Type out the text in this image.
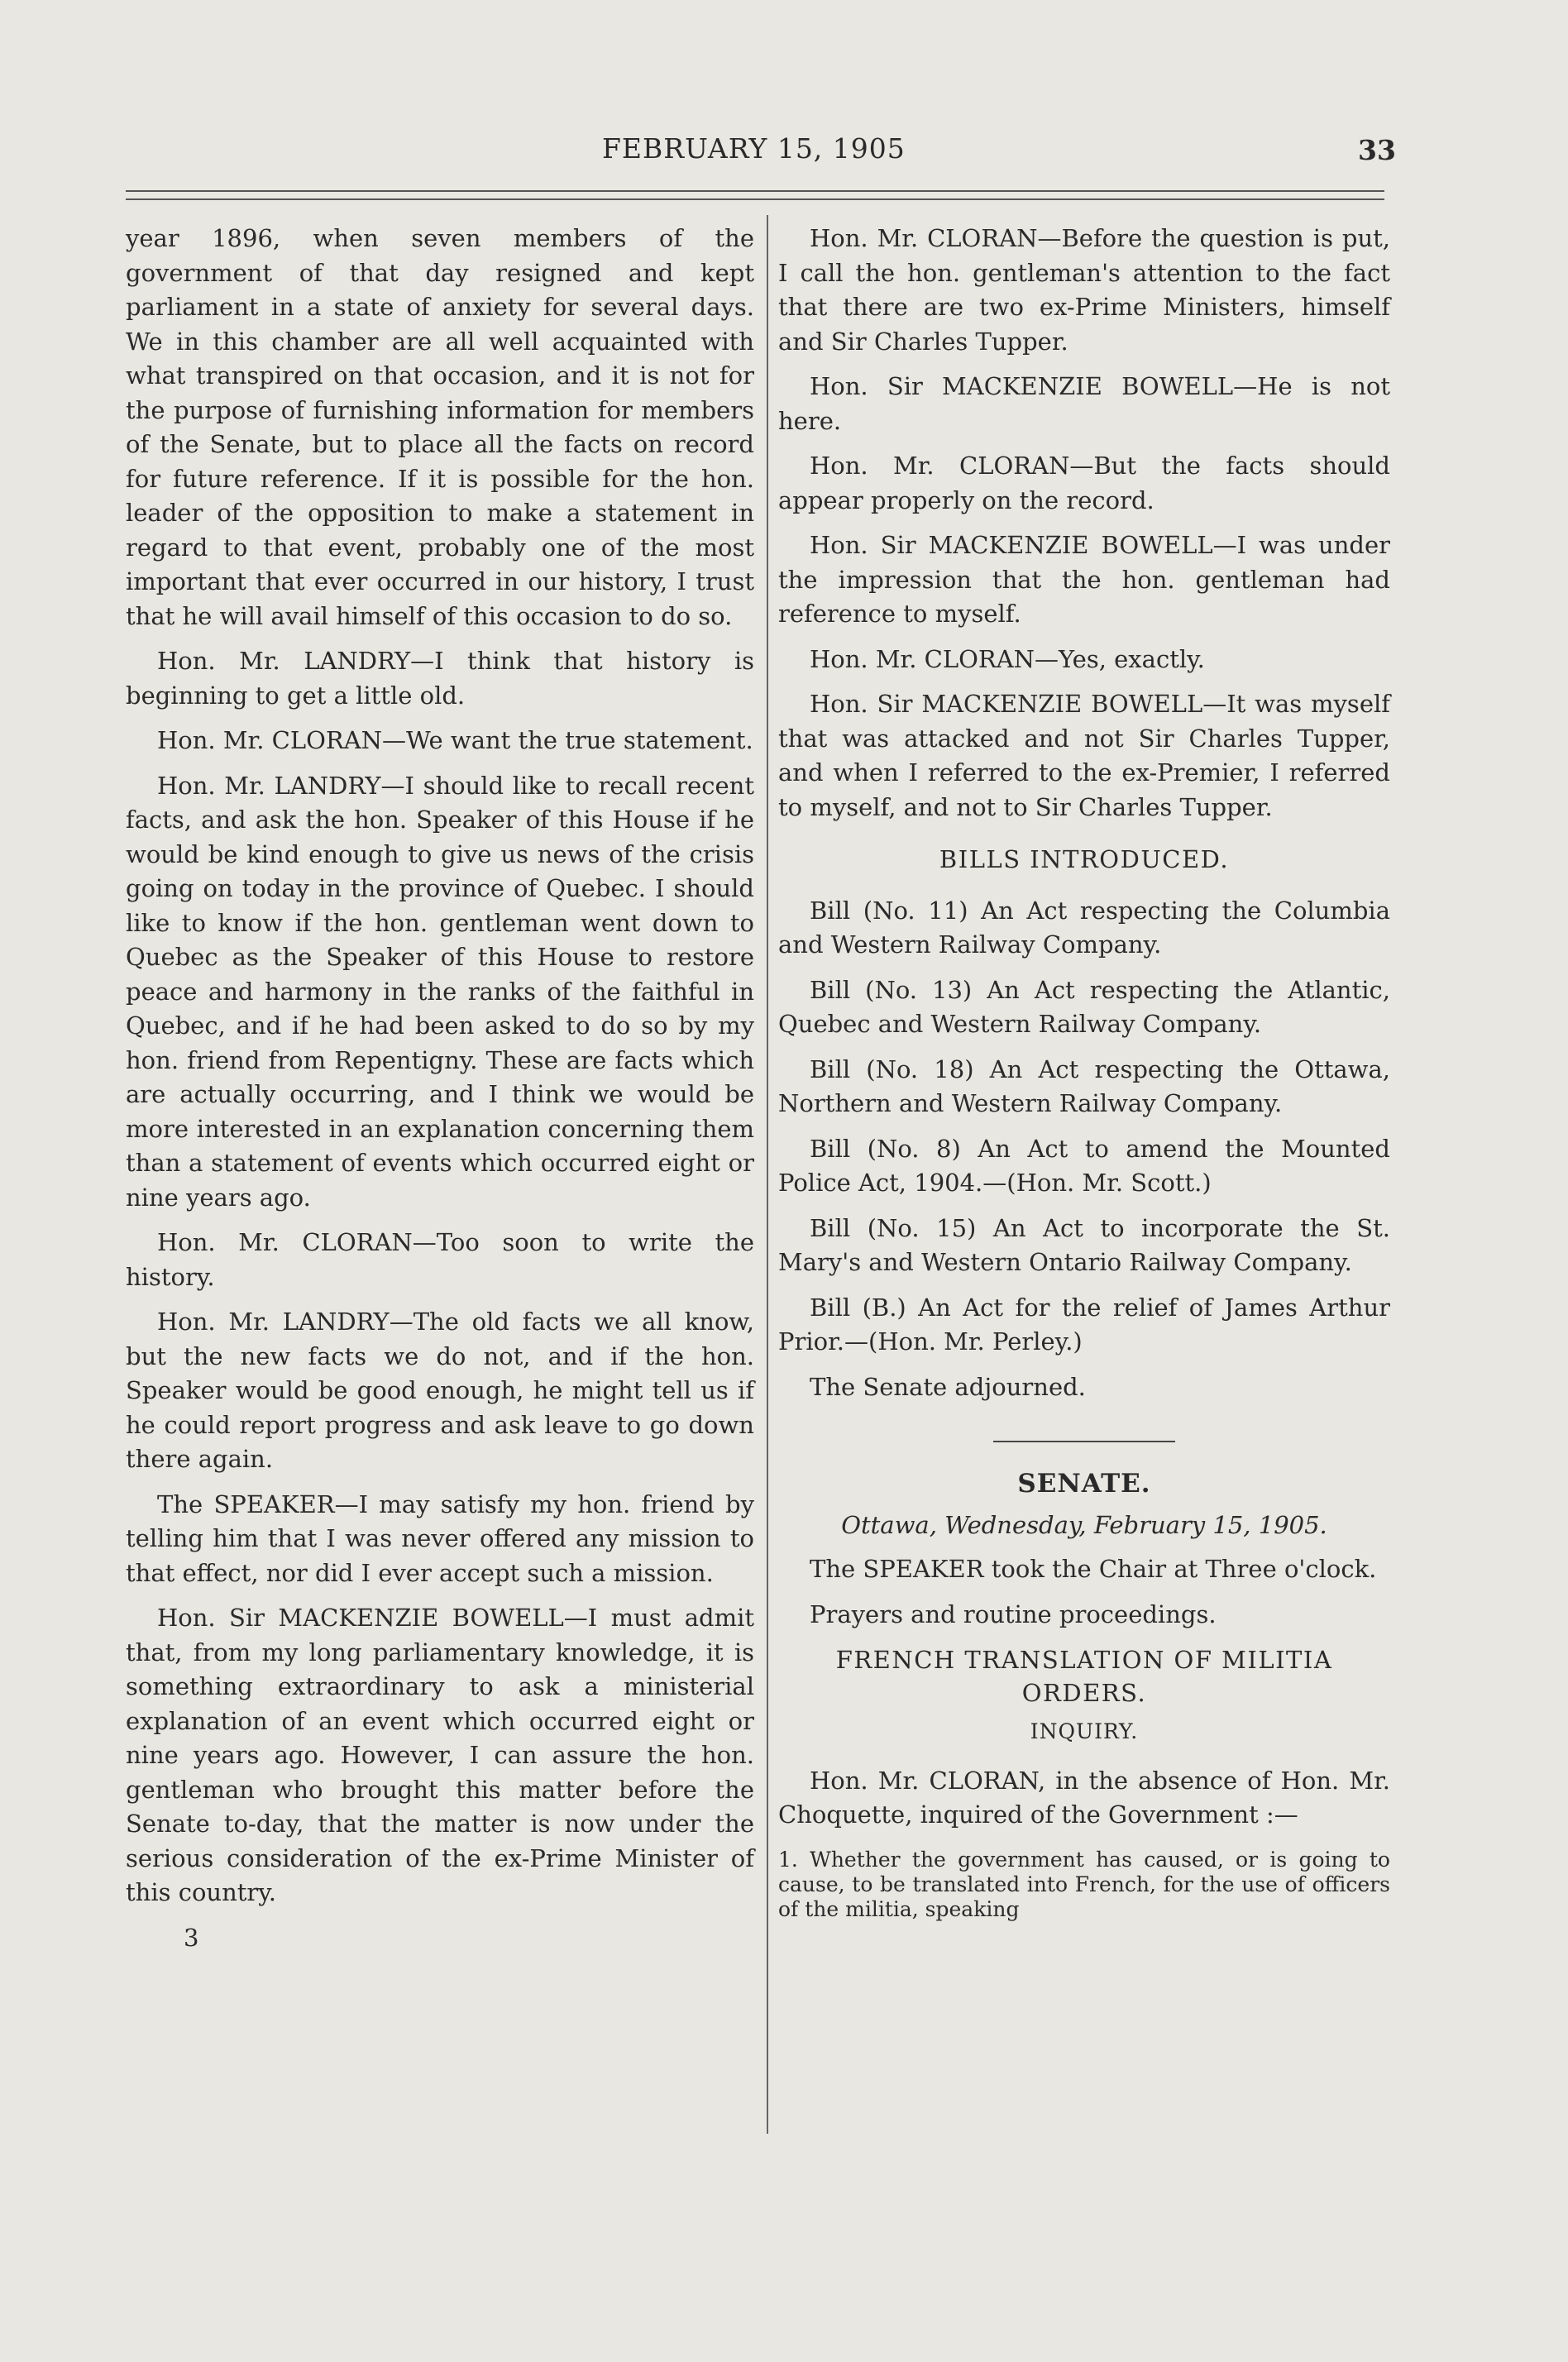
FEBRUARY 15, 1905	33

year 1896, when seven members of the government of that day resigned and kept parliament in a state of anxiety for several days. We in this chamber are all well acquainted with what transpired on that occasion, and it is not for the purpose of furnishing information for members of the Senate, but to place all the facts on record for future reference. If it is possible for the hon. leader of the opposition to make a statement in regard to that event, probably one of the most important that ever occurred in our history, I trust that he will avail himself of this occasion to do so.

Hon. Mr. LANDRY—I think that history is beginning to get a little old.

Hon. Mr. CLORAN—We want the true statement.

Hon. Mr. LANDRY—I should like to recall recent facts, and ask the hon. Speaker of this House if he would be kind enough to give us news of the crisis going on today in the province of Quebec. I should like to know if the hon. gentleman went down to Quebec as the Speaker of this House to restore peace and harmony in the ranks of the faithful in Quebec, and if he had been asked to do so by my hon. friend from Repentigny. These are facts which are actually occurring, and I think we would be more interested in an explanation concerning them than a statement of events which occurred eight or nine years ago.

Hon. Mr. CLORAN—Too soon to write the history.

Hon. Mr. LANDRY—The old facts we all know, but the new facts we do not, and if the hon. Speaker would be good enough, he might tell us if he could report progress and ask leave to go down there again.

The SPEAKER—I may satisfy my hon. friend by telling him that I was never offered any mission to that effect, nor did I ever accept such a mission.

Hon. Sir MACKENZIE BOWELL—I must admit that, from my long parliamentary knowledge, it is something extraordinary to ask a ministerial explanation of an event which occurred eight or nine years ago. However, I can assure the hon. gentleman who brought this matter before the Senate to-day, that the matter is now under the serious consideration of the ex-Prime Minister of this country.

3

Hon. Mr. CLORAN—Before the question is put, I call the hon. gentleman's attention to the fact that there are two ex-Prime Ministers, himself and Sir Charles Tupper.

Hon. Sir MACKENZIE BOWELL—He is not here.

Hon. Mr. CLORAN—But the facts should appear properly on the record.

Hon. Sir MACKENZIE BOWELL—I was under the impression that the hon. gentleman had reference to myself.

Hon. Mr. CLORAN—Yes, exactly.

Hon. Sir MACKENZIE BOWELL—It was myself that was attacked and not Sir Charles Tupper, and when I referred to the ex-Premier, I referred to myself, and not to Sir Charles Tupper.

BILLS INTRODUCED.

Bill (No. 11) An Act respecting the Columbia and Western Railway Company.

Bill (No. 13) An Act respecting the Atlantic, Quebec and Western Railway Company.

Bill (No. 18) An Act respecting the Ottawa, Northern and Western Railway Company.

Bill (No. 8) An Act to amend the Mounted Police Act, 1904.—(Hon. Mr. Scott.)

Bill (No. 15) An Act to incorporate the St. Mary's and Western Ontario Railway Company.

Bill (B.) An Act for the relief of James Arthur Prior.—(Hon. Mr. Perley.)

The Senate adjourned.

SENATE.
Ottawa, Wednesday, February 15, 1905.

The SPEAKER took the Chair at Three o'clock.

Prayers and routine proceedings.

FRENCH TRANSLATION OF MILITIA ORDERS.
INQUIRY.

Hon. Mr. CLORAN, in the absence of Hon. Mr. Choquette, inquired of the Government :—

1. Whether the government has caused, or is going to cause, to be translated into French, for the use of officers of the militia, speaking
